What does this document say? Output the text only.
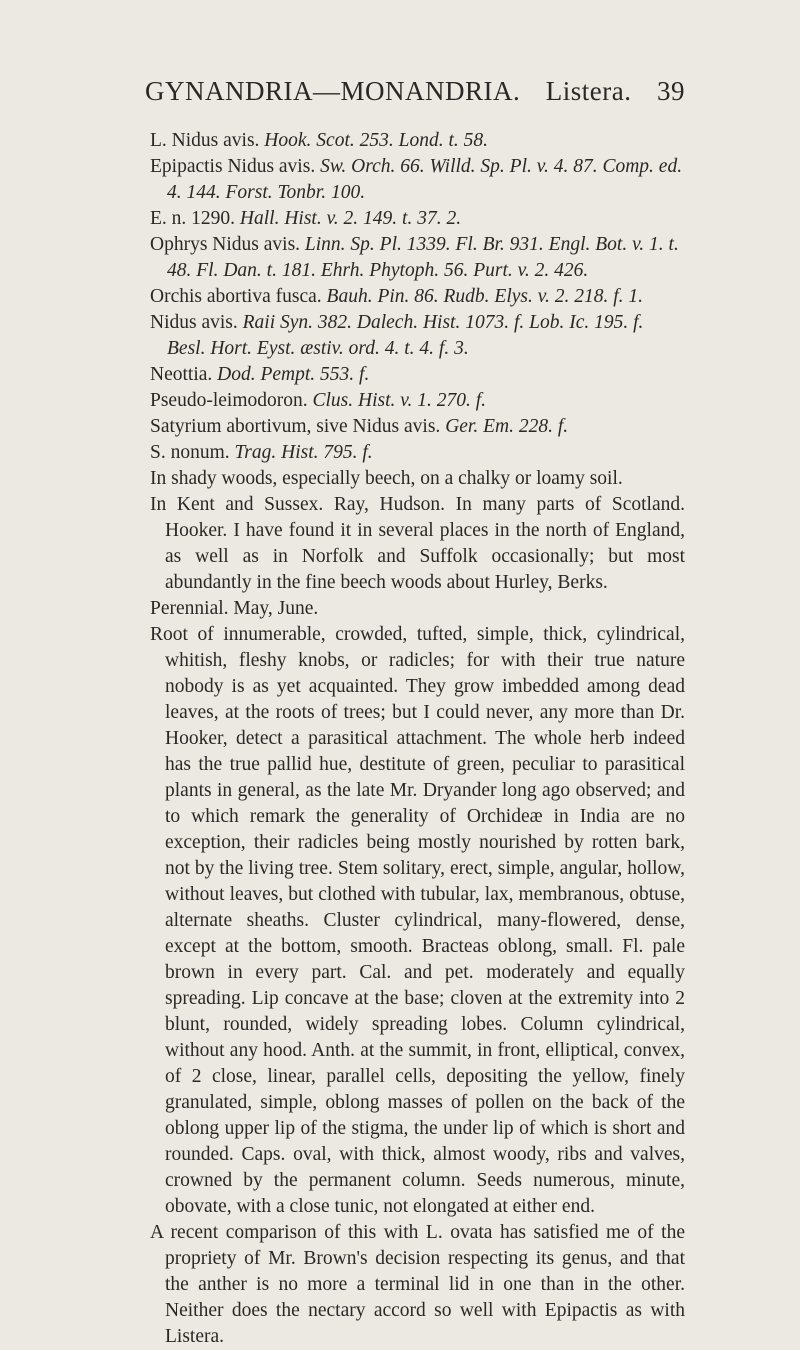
GYNANDRIA—MONANDRIA. Listera. 39

L. Nidus avis. Hook. Scot. 253. Lond. t. 58.

Epipactis Nidus avis. Sw. Orch. 66. Willd. Sp. Pl. v. 4. 87. Comp. ed. 4. 144. Forst. Tonbr. 100.

E. n. 1290. Hall. Hist. v. 2. 149. t. 37. 2.

Ophrys Nidus avis. Linn. Sp. Pl. 1339. Fl. Br. 931. Engl. Bot. v. 1. t. 48. Fl. Dan. t. 181. Ehrh. Phytoph. 56. Purt. v. 2. 426.

Orchis abortiva fusca. Bauh. Pin. 86. Rudb. Elys. v. 2. 218. f. 1.

Nidus avis. Raii Syn. 382. Dalech. Hist. 1073. f. Lob. Ic. 195. f. Besl. Hort. Eyst. æstiv. ord. 4. t. 4. f. 3.

Neottia. Dod. Pempt. 553. f.

Pseudo-leimodoron. Clus. Hist. v. 1. 270. f.

Satyrium abortivum, sive Nidus avis. Ger. Em. 228. f.

S. nonum. Trag. Hist. 795. f.

In shady woods, especially beech, on a chalky or loamy soil.

In Kent and Sussex. Ray, Hudson. In many parts of Scotland. Hooker. I have found it in several places in the north of England, as well as in Norfolk and Suffolk occasionally; but most abundantly in the fine beech woods about Hurley, Berks.

Perennial. May, June.

Root of innumerable, crowded, tufted, simple, thick, cylindrical, whitish, fleshy knobs, or radicles; for with their true nature nobody is as yet acquainted. They grow imbedded among dead leaves, at the roots of trees; but I could never, any more than Dr. Hooker, detect a parasitical attachment. The whole herb indeed has the true pallid hue, destitute of green, peculiar to parasitical plants in general, as the late Mr. Dryander long ago observed; and to which remark the generality of Orchideæ in India are no exception, their radicles being mostly nourished by rotten bark, not by the living tree. Stem solitary, erect, simple, angular, hollow, without leaves, but clothed with tubular, lax, membranous, obtuse, alternate sheaths. Cluster cylindrical, many-flowered, dense, except at the bottom, smooth. Bracteas oblong, small. Fl. pale brown in every part. Cal. and pet. moderately and equally spreading. Lip concave at the base; cloven at the extremity into 2 blunt, rounded, widely spreading lobes. Column cylindrical, without any hood. Anth. at the summit, in front, elliptical, convex, of 2 close, linear, parallel cells, depositing the yellow, finely granulated, simple, oblong masses of pollen on the back of the oblong upper lip of the stigma, the under lip of which is short and rounded. Caps. oval, with thick, almost woody, ribs and valves, crowned by the permanent column. Seeds numerous, minute, obovate, with a close tunic, not elongated at either end.

A recent comparison of this with L. ovata has satisfied me of the propriety of Mr. Brown's decision respecting its genus, and that the anther is no more a terminal lid in one than in the other. Neither does the nectary accord so well with Epipactis as with Listera.
